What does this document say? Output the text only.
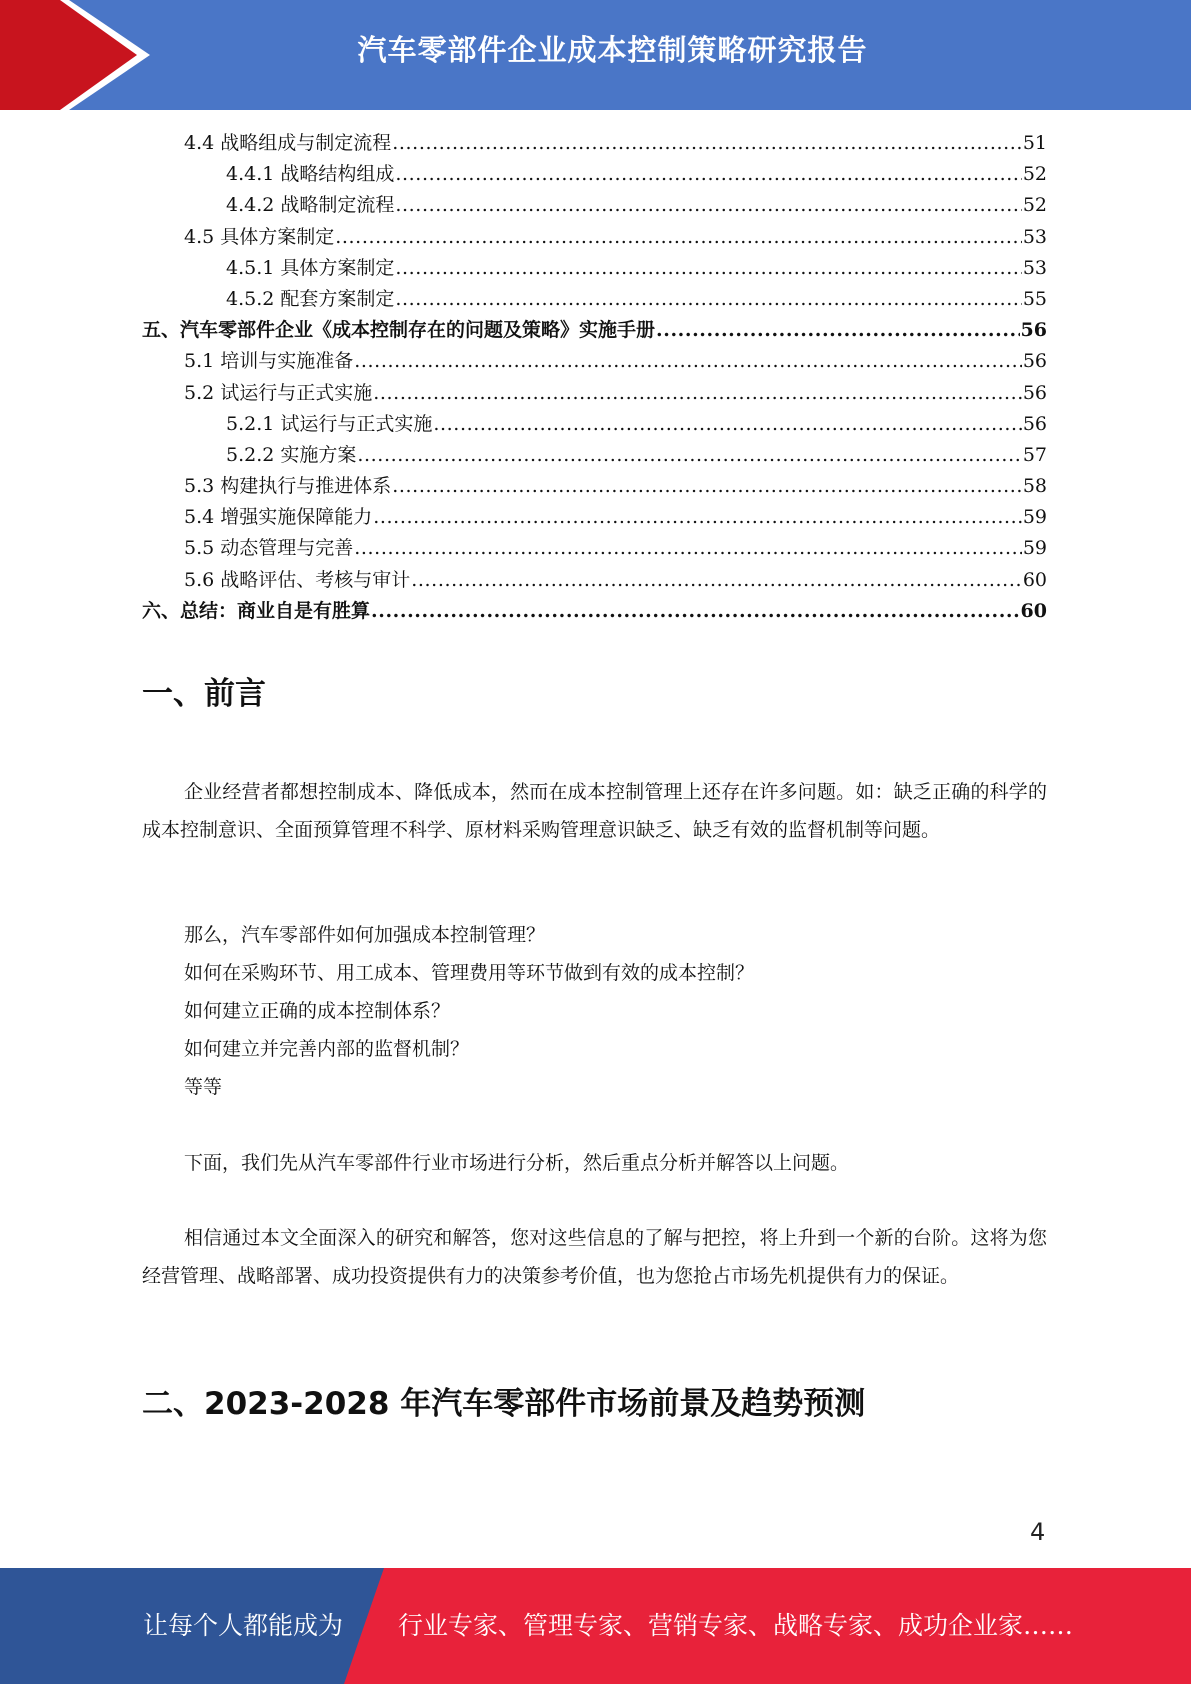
汽车零部件企业成本控制策略研究报告
4.4 战略组成与制定流程 .....	51
4.4.1 战略结构组成 .....	52
4.4.2 战略制定流程 .....	52
4.5 具体方案制定 .....	53
4.5.1 具体方案制定 .....	53
4.5.2 配套方案制定 .....	55
五、汽车零部件企业《成本控制存在的问题及策略》实施手册 .....	56
5.1 培训与实施准备 .....	56
5.2 试运行与正式实施 .....	56
5.2.1 试运行与正式实施 .....	56
5.2.2 实施方案 .....	57
5.3 构建执行与推进体系 .....	58
5.4 增强实施保障能力 .....	59
5.5 动态管理与完善 .....	59
5.6 战略评估、考核与审计 .....	60
六、总结：商业自是有胜算 .....	60
一、前言

企业经营者都想控制成本、降低成本，然而在成本控制管理上还存在许多问题。如：缺乏正确的科学的成本控制意识、全面预算管理不科学、原材料采购管理意识缺乏、缺乏有效的监督机制等问题。

那么，汽车零部件如何加强成本控制管理？

如何在采购环节、用工成本、管理费用等环节做到有效的成本控制？

如何建立正确的成本控制体系？

如何建立并完善内部的监督机制？

等等

下面，我们先从汽车零部件行业市场进行分析，然后重点分析并解答以上问题。

相信通过本文全面深入的研究和解答，您对这些信息的了解与把控，将上升到一个新的台阶。这将为您经营管理、战略部署、成功投资提供有力的决策参考价值，也为您抢占市场先机提供有力的保证。

二、2023-2028 年汽车零部件市场前景及趋势预测
4
让每个人都能成为 行业专家、管理专家、营销专家、战略专家、成功企业家……
